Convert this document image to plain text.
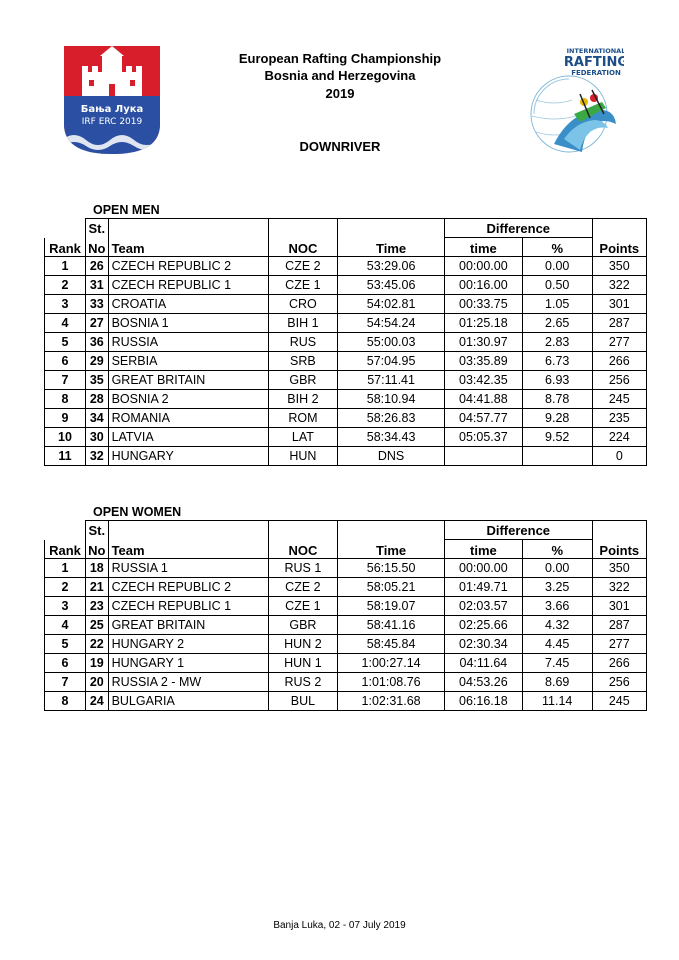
Бања Лука
IRF ERC 2019
INTERNATIONAL
RAFTING
FEDERATION
European Rafting Championship
Bosnia and Herzegovina
2019
DOWNRIVER
OPEN MEN
	St.				Difference		
Rank	No	Team	NOC	Time	time	%	Points
1	26	CZECH REPUBLIC 2	CZE 2	53:29.06	00:00.00	0.00	350
2	31	CZECH REPUBLIC 1	CZE 1	53:45.06	00:16.00	0.50	322
3	33	CROATIA	CRO	54:02.81	00:33.75	1.05	301
4	27	BOSNIA 1	BIH 1	54:54.24	01:25.18	2.65	287
5	36	RUSSIA	RUS	55:00.03	01:30.97	2.83	277
6	29	SERBIA	SRB	57:04.95	03:35.89	6.73	266
7	35	GREAT BRITAIN	GBR	57:11.41	03:42.35	6.93	256
8	28	BOSNIA 2	BIH 2	58:10.94	04:41.88	8.78	245
9	34	ROMANIA	ROM	58:26.83	04:57.77	9.28	235
10	30	LATVIA	LAT	58:34.43	05:05.37	9.52	224
11	32	HUNGARY	HUN	DNS			0
OPEN WOMEN
	St.				Difference		
Rank	No	Team	NOC	Time	time	%	Points
1	18	RUSSIA 1	RUS 1	56:15.50	00:00.00	0.00	350
2	21	CZECH REPUBLIC 2	CZE 2	58:05.21	01:49.71	3.25	322
3	23	CZECH REPUBLIC 1	CZE 1	58:19.07	02:03.57	3.66	301
4	25	GREAT BRITAIN	GBR	58:41.16	02:25.66	4.32	287
5	22	HUNGARY 2	HUN 2	58:45.84	02:30.34	4.45	277
6	19	HUNGARY 1	HUN 1	1:00:27.14	04:11.64	7.45	266
7	20	RUSSIA 2 - MW	RUS 2	1:01:08.76	04:53.26	8.69	256
8	24	BULGARIA	BUL	1:02:31.68	06:16.18	11.14	245
Banja Luka, 02 - 07 July 2019
